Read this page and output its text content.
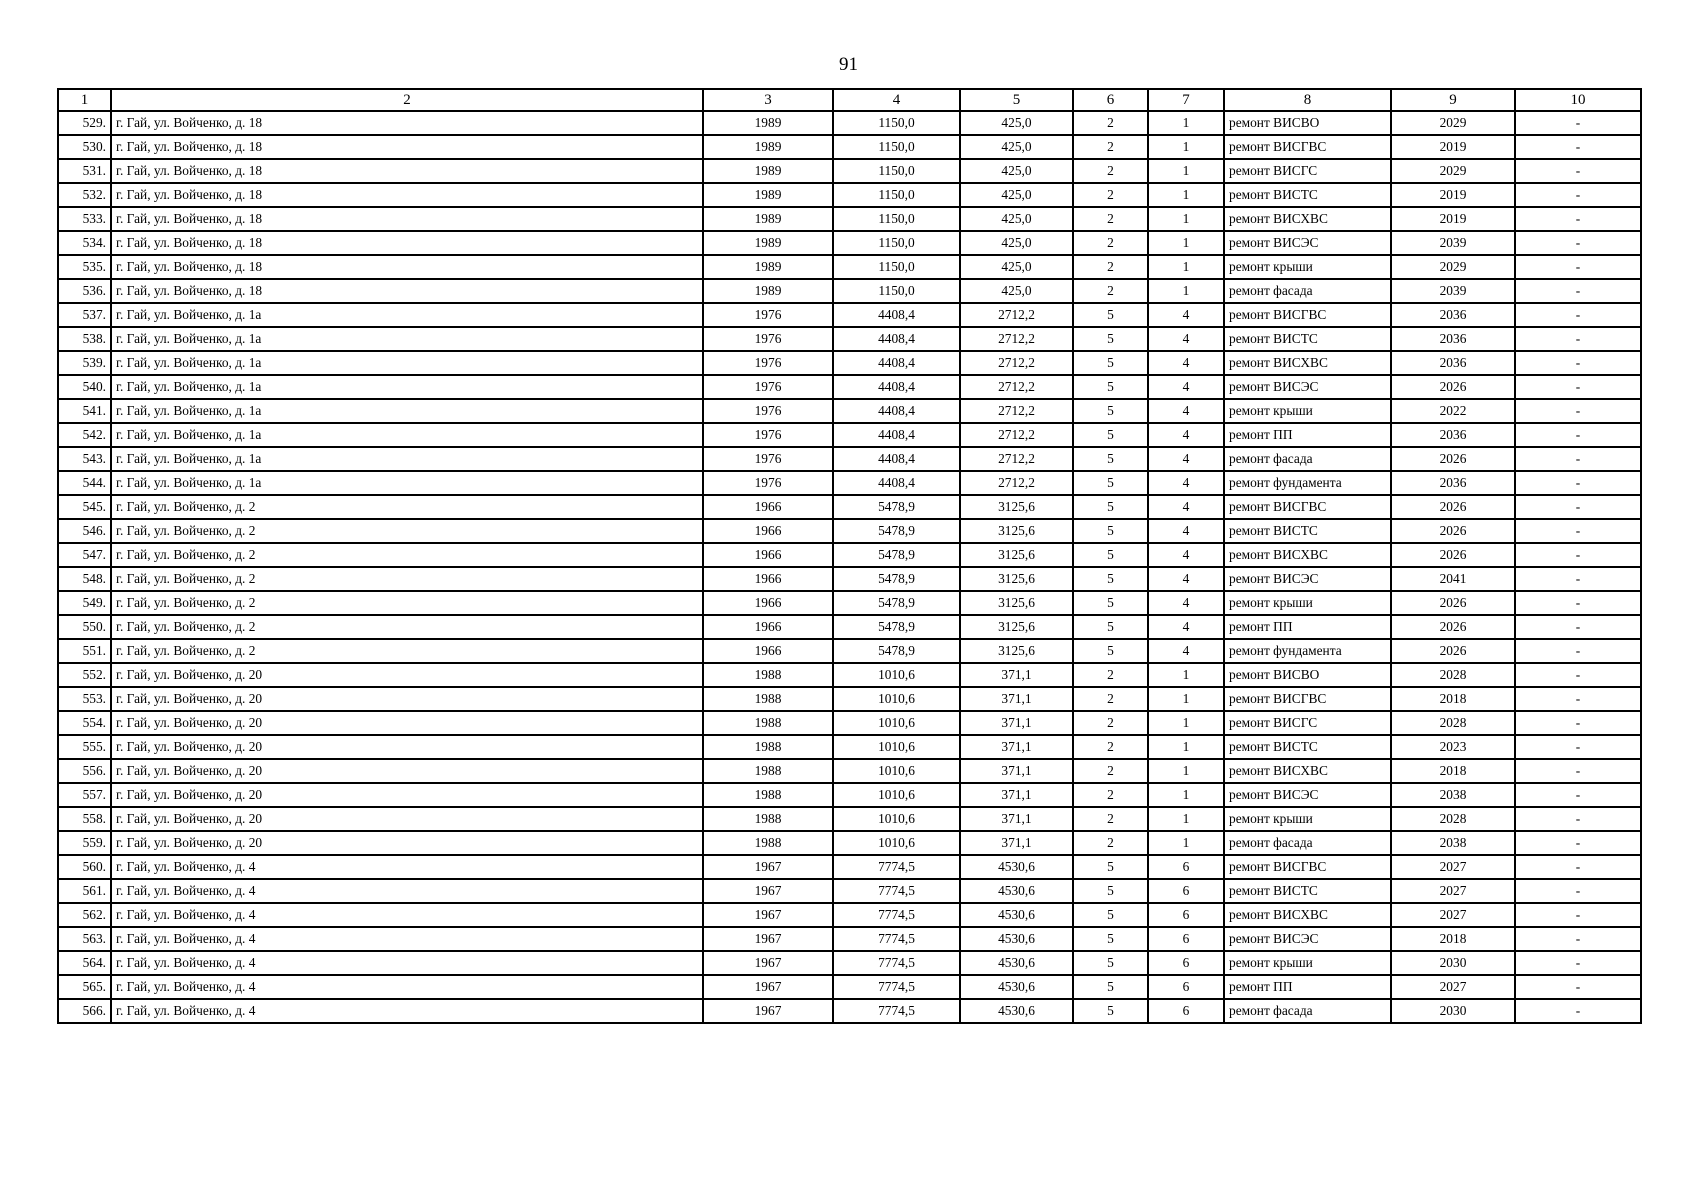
91
1	2	3	4	5	6	7	8	9	10
529.	г. Гай, ул. Войченко, д. 18	1989	1150,0	425,0	2	1	ремонт ВИСВО	2029	-
530.	г. Гай, ул. Войченко, д. 18	1989	1150,0	425,0	2	1	ремонт ВИСГВС	2019	-
531.	г. Гай, ул. Войченко, д. 18	1989	1150,0	425,0	2	1	ремонт ВИСГС	2029	-
532.	г. Гай, ул. Войченко, д. 18	1989	1150,0	425,0	2	1	ремонт ВИСТС	2019	-
533.	г. Гай, ул. Войченко, д. 18	1989	1150,0	425,0	2	1	ремонт ВИСХВС	2019	-
534.	г. Гай, ул. Войченко, д. 18	1989	1150,0	425,0	2	1	ремонт ВИСЭС	2039	-
535.	г. Гай, ул. Войченко, д. 18	1989	1150,0	425,0	2	1	ремонт крыши	2029	-
536.	г. Гай, ул. Войченко, д. 18	1989	1150,0	425,0	2	1	ремонт фасада	2039	-
537.	г. Гай, ул. Войченко, д. 1а	1976	4408,4	2712,2	5	4	ремонт ВИСГВС	2036	-
538.	г. Гай, ул. Войченко, д. 1а	1976	4408,4	2712,2	5	4	ремонт ВИСТС	2036	-
539.	г. Гай, ул. Войченко, д. 1а	1976	4408,4	2712,2	5	4	ремонт ВИСХВС	2036	-
540.	г. Гай, ул. Войченко, д. 1а	1976	4408,4	2712,2	5	4	ремонт ВИСЭС	2026	-
541.	г. Гай, ул. Войченко, д. 1а	1976	4408,4	2712,2	5	4	ремонт крыши	2022	-
542.	г. Гай, ул. Войченко, д. 1а	1976	4408,4	2712,2	5	4	ремонт ПП	2036	-
543.	г. Гай, ул. Войченко, д. 1а	1976	4408,4	2712,2	5	4	ремонт фасада	2026	-
544.	г. Гай, ул. Войченко, д. 1а	1976	4408,4	2712,2	5	4	ремонт фундамента	2036	-
545.	г. Гай, ул. Войченко, д. 2	1966	5478,9	3125,6	5	4	ремонт ВИСГВС	2026	-
546.	г. Гай, ул. Войченко, д. 2	1966	5478,9	3125,6	5	4	ремонт ВИСТС	2026	-
547.	г. Гай, ул. Войченко, д. 2	1966	5478,9	3125,6	5	4	ремонт ВИСХВС	2026	-
548.	г. Гай, ул. Войченко, д. 2	1966	5478,9	3125,6	5	4	ремонт ВИСЭС	2041	-
549.	г. Гай, ул. Войченко, д. 2	1966	5478,9	3125,6	5	4	ремонт крыши	2026	-
550.	г. Гай, ул. Войченко, д. 2	1966	5478,9	3125,6	5	4	ремонт ПП	2026	-
551.	г. Гай, ул. Войченко, д. 2	1966	5478,9	3125,6	5	4	ремонт фундамента	2026	-
552.	г. Гай, ул. Войченко, д. 20	1988	1010,6	371,1	2	1	ремонт ВИСВО	2028	-
553.	г. Гай, ул. Войченко, д. 20	1988	1010,6	371,1	2	1	ремонт ВИСГВС	2018	-
554.	г. Гай, ул. Войченко, д. 20	1988	1010,6	371,1	2	1	ремонт ВИСГС	2028	-
555.	г. Гай, ул. Войченко, д. 20	1988	1010,6	371,1	2	1	ремонт ВИСТС	2023	-
556.	г. Гай, ул. Войченко, д. 20	1988	1010,6	371,1	2	1	ремонт ВИСХВС	2018	-
557.	г. Гай, ул. Войченко, д. 20	1988	1010,6	371,1	2	1	ремонт ВИСЭС	2038	-
558.	г. Гай, ул. Войченко, д. 20	1988	1010,6	371,1	2	1	ремонт крыши	2028	-
559.	г. Гай, ул. Войченко, д. 20	1988	1010,6	371,1	2	1	ремонт фасада	2038	-
560.	г. Гай, ул. Войченко, д. 4	1967	7774,5	4530,6	5	6	ремонт ВИСГВС	2027	-
561.	г. Гай, ул. Войченко, д. 4	1967	7774,5	4530,6	5	6	ремонт ВИСТС	2027	-
562.	г. Гай, ул. Войченко, д. 4	1967	7774,5	4530,6	5	6	ремонт ВИСХВС	2027	-
563.	г. Гай, ул. Войченко, д. 4	1967	7774,5	4530,6	5	6	ремонт ВИСЭС	2018	-
564.	г. Гай, ул. Войченко, д. 4	1967	7774,5	4530,6	5	6	ремонт крыши	2030	-
565.	г. Гай, ул. Войченко, д. 4	1967	7774,5	4530,6	5	6	ремонт ПП	2027	-
566.	г. Гай, ул. Войченко, д. 4	1967	7774,5	4530,6	5	6	ремонт фасада	2030	-
